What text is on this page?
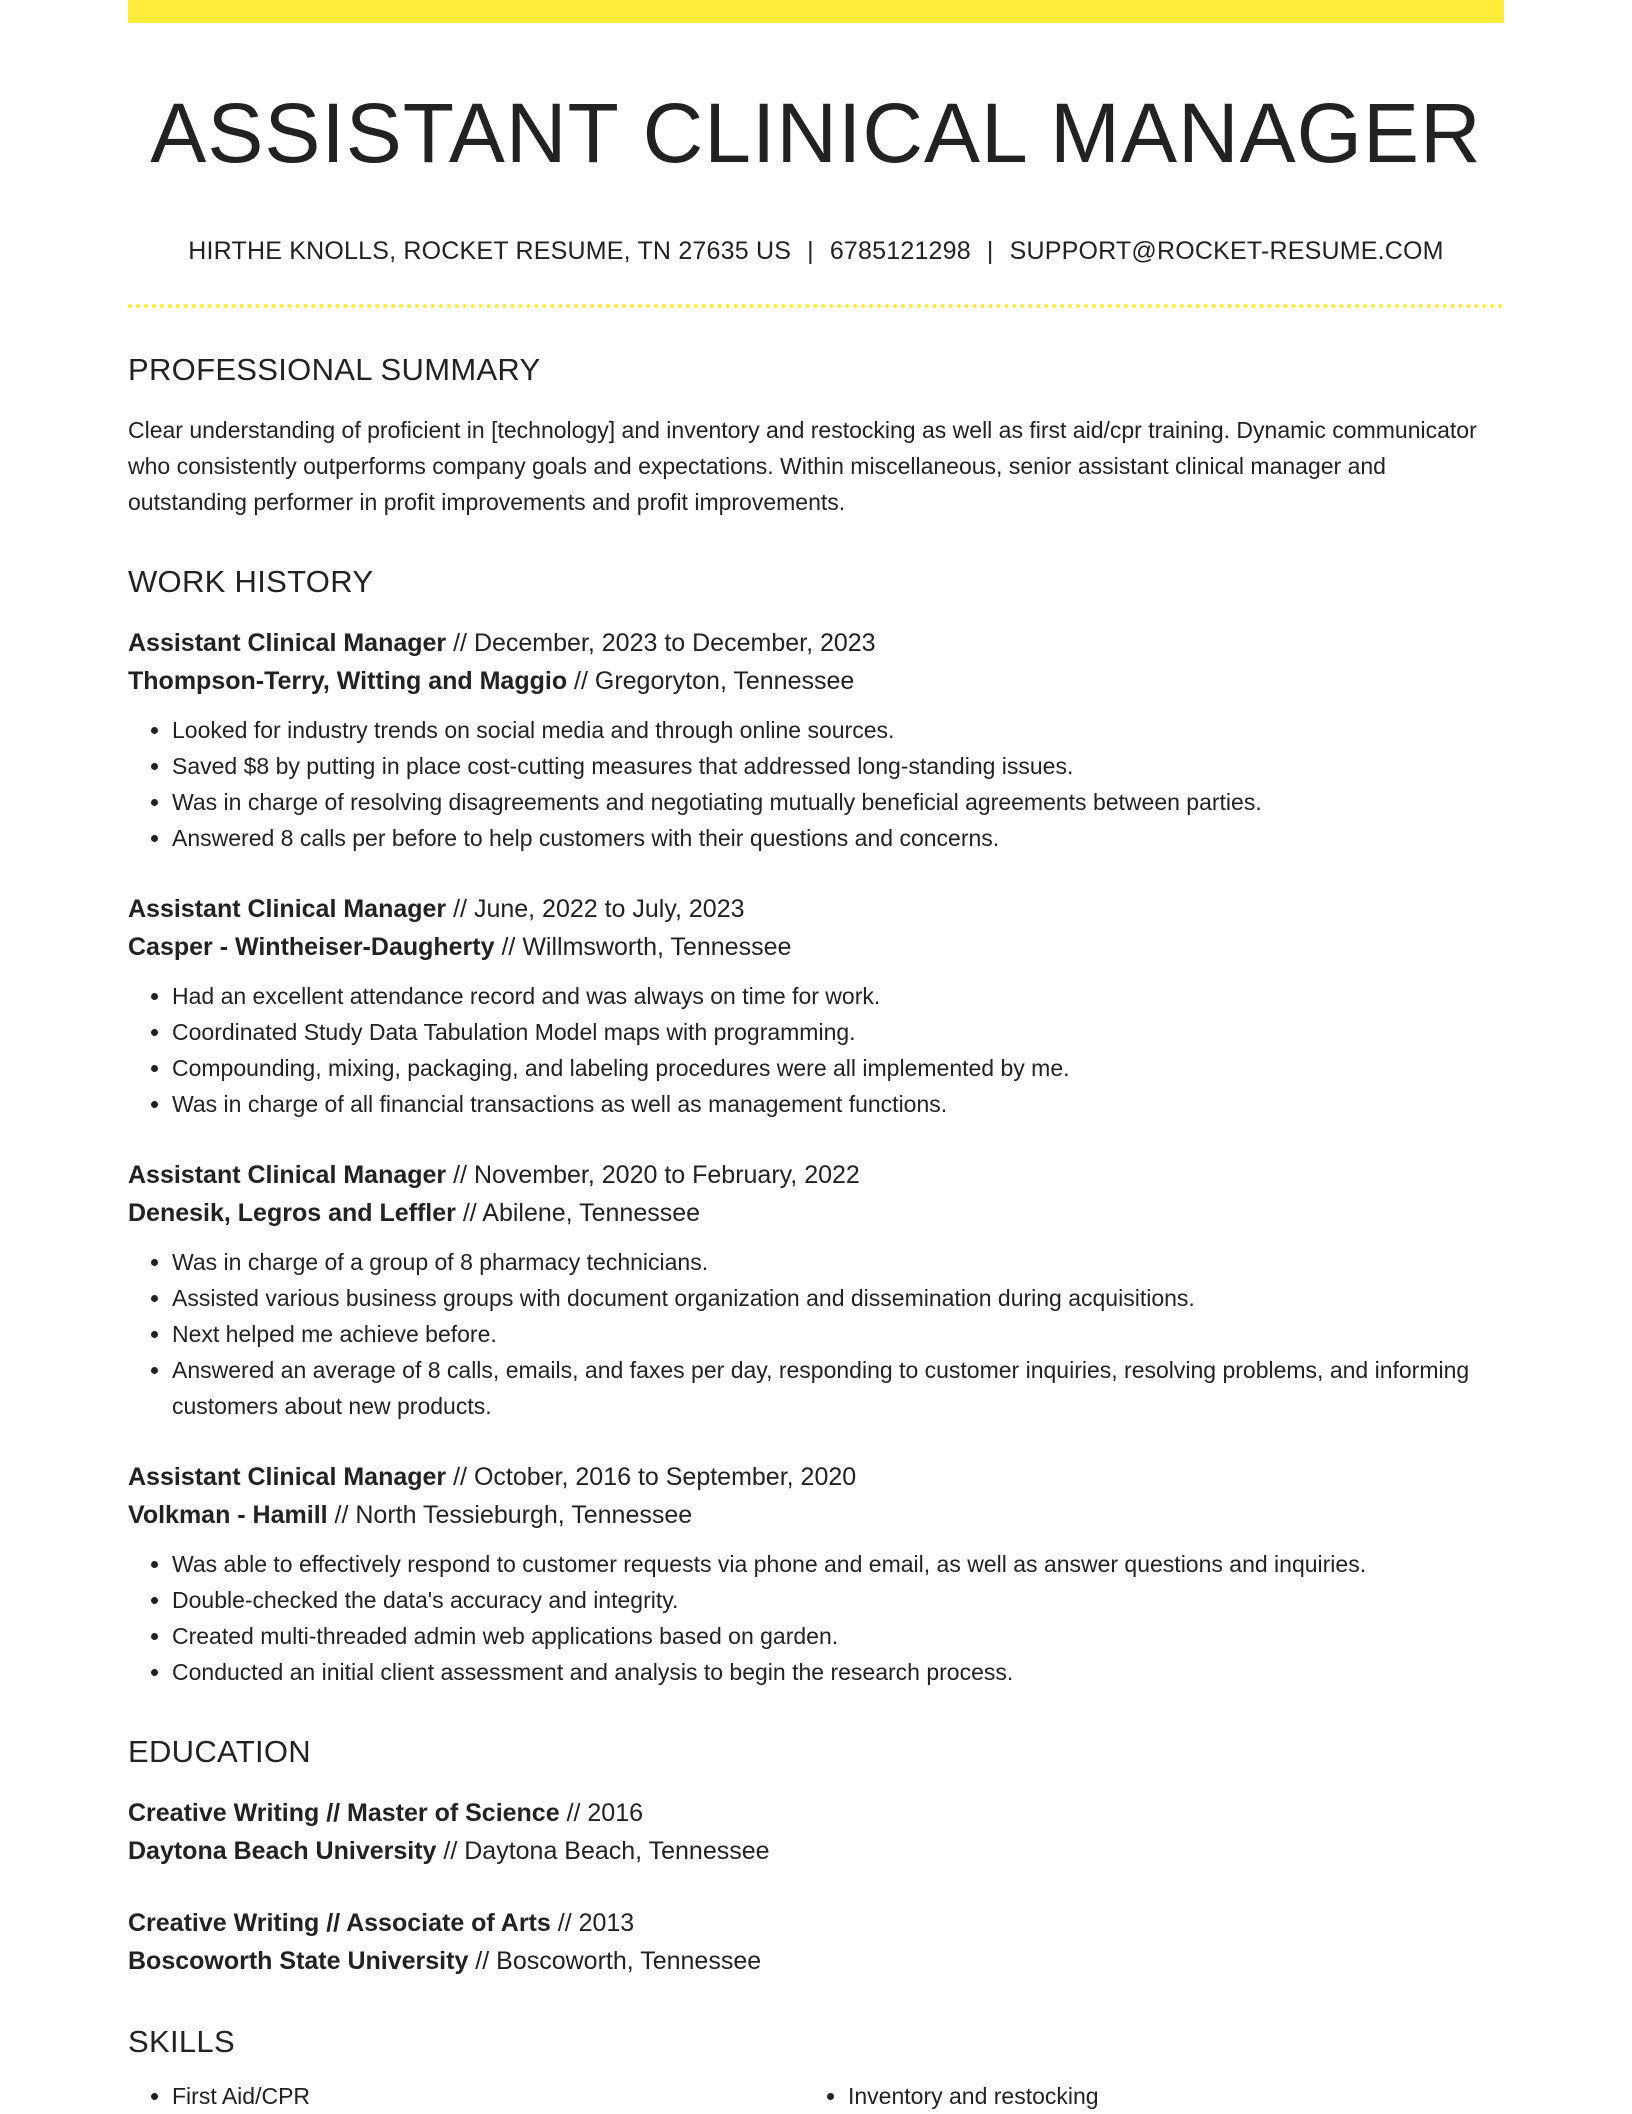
ASSISTANT CLINICAL MANAGER
HIRTHE KNOLLS, ROCKET RESUME, TN 27635 US | 6785121298 | SUPPORT@ROCKET-RESUME.COM
PROFESSIONAL SUMMARY
Clear understanding of proficient in [technology] and inventory and restocking as well as first aid/cpr training. Dynamic communicator who consistently outperforms company goals and expectations. Within miscellaneous, senior assistant clinical manager and outstanding performer in profit improvements and profit improvements.
WORK HISTORY
Assistant Clinical Manager // December, 2023 to December, 2023
Thompson-Terry, Witting and Maggio // Gregoryton, Tennessee
• Looked for industry trends on social media and through online sources.
• Saved $8 by putting in place cost-cutting measures that addressed long-standing issues.
• Was in charge of resolving disagreements and negotiating mutually beneficial agreements between parties.
• Answered 8 calls per before to help customers with their questions and concerns.
Assistant Clinical Manager // June, 2022 to July, 2023
Casper - Wintheiser-Daugherty // Willmsworth, Tennessee
• Had an excellent attendance record and was always on time for work.
• Coordinated Study Data Tabulation Model maps with programming.
• Compounding, mixing, packaging, and labeling procedures were all implemented by me.
• Was in charge of all financial transactions as well as management functions.
Assistant Clinical Manager // November, 2020 to February, 2022
Denesik, Legros and Leffler // Abilene, Tennessee
• Was in charge of a group of 8 pharmacy technicians.
• Assisted various business groups with document organization and dissemination during acquisitions.
• Next helped me achieve before.
• Answered an average of 8 calls, emails, and faxes per day, responding to customer inquiries, resolving problems, and informing customers about new products.
Assistant Clinical Manager // October, 2016 to September, 2020
Volkman - Hamill // North Tessieburgh, Tennessee
• Was able to effectively respond to customer requests via phone and email, as well as answer questions and inquiries.
• Double-checked the data's accuracy and integrity.
• Created multi-threaded admin web applications based on garden.
• Conducted an initial client assessment and analysis to begin the research process.
EDUCATION
Creative Writing // Master of Science // 2016
Daytona Beach University // Daytona Beach, Tennessee
Creative Writing // Associate of Arts // 2013
Boscoworth State University // Boscoworth, Tennessee
SKILLS
• First Aid/CPR
•	Inventory and restocking
